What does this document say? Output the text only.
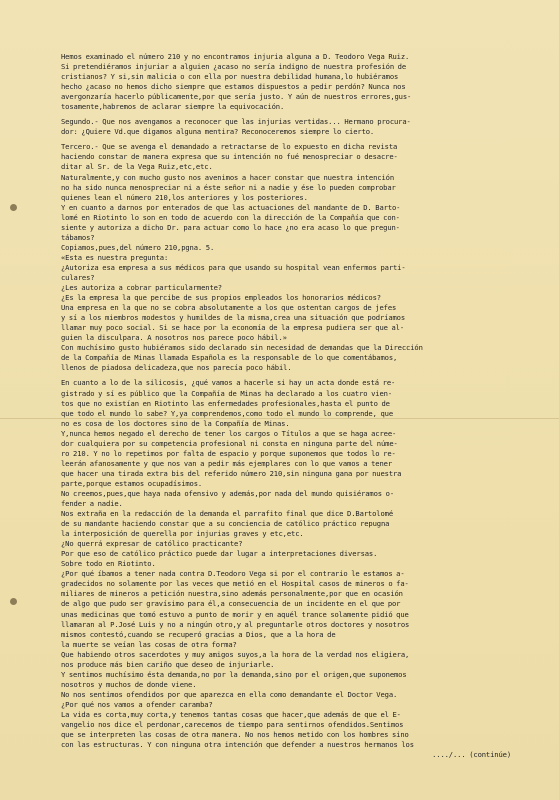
Hemos examinado el número 210 y no encontramos injuria alguna a D. Teodoro Vega Ruiz.
Si pretendiéramos injuriar a alguien ¿acaso no sería indigno de nuestra profesión de
cristianos? Y si,sin malicia o con ella por nuestra debilidad humana,lo hubiéramos
hecho ¿acaso no hemos dicho siempre que estamos dispuestos a pedir perdón? Nunca nos
avergonzaría hacerlo públicamente,por que sería justo. Y aún de nuestros errores,gus-
tosamente,habremos de aclarar siempre la equivocación.
Segundo.- Que nos avengamos a reconocer que las injurias vertidas... Hermano procura-
dor: ¿Quiere Vd.que digamos alguna mentira? Reconoceremos siempre lo cierto.
Tercero.- Que se avenga el demandado a retractarse de lo expuesto en dicha revista
haciendo constar de manera expresa que su intención no fué menospreciar o desacre-
ditar al Sr. de la Vega Ruiz,etc,etc.
Naturalmente,y con mucho gusto nos avenimos a hacer constar que nuestra intención
no ha sido nunca menospreciar ni a éste señor ni a nadie y ése lo pueden comprobar
quienes lean el número 210,los anteriores y los posteriores.
Y en cuanto a darnos por enterados de que las actuaciones del mandante de D. Barto-
lomé en Riotinto lo son en todo de acuerdo con la dirección de la Compañía que con-
siente y autoriza a dicho Dr. para actuar como lo hace ¿no era acaso lo que pregun-
tábamos?
Copiamos,pues,del número 210,pgna. 5.
«Esta es nuestra pregunta:
¿Autoriza esa empresa a sus médicos para que usando su hospital vean enfermos parti-
culares?
¿Les autoriza a cobrar particularmente?
¿Es la empresa la que percibe de sus propios empleados los honorarios médicos?
Una empresa en la que no se cobra absolutamente a los que ostentan cargos de jefes
y sí a los miembros modestos y humildes de la misma,crea una situación que podríamos
llamar muy poco social. Si se hace por la economía de la empresa pudiera ser que al-
guien la disculpara. A nosotros nos parece poco hábil.»
Con muchísimo gusto hubiéramos sido declarado sin necesidad de demandas que la Dirección
de la Compañía de Minas llamada Española es la responsable de lo que comentábamos,
llenos de piadosa delicadeza,que nos parecía poco hábil.
En cuanto a lo de la silicosis, ¿qué vamos a hacerle si hay un acta donde está re-
gistrado y sí es público que la Compañía de Minas ha declarado a los cuatro vien-
tos que no existían en Riotinto las enfermedades profesionales,hasta el punto de
que todo el mundo lo sabe? Y,ya comprendemos,como todo el mundo lo comprende, que
no es cosa de los doctores sino de la Compañía de Minas.
Y,nunca hemos negado el derecho de tener los cargos o Títulos a que se haga acree-
dor cualquiera por su competencia profesional ni consta en ninguna parte del núme-
ro 210. Y no lo repetimos por falta de espacio y porque suponemos que todos lo re-
leerán afanosamente y que nos van a pedir más ejemplares con lo que vamos a tener
que hacer una tirada extra bis del referido número 210,sin ninguna gana por nuestra
parte,porque estamos ocupadísimos.
No creemos,pues,que haya nada ofensivo y además,por nada del mundo quisiéramos o-
fender a nadie.
Nos extraña en la redacción de la demanda el parrafito final que dice D.Bartolomé
de su mandante haciendo constar que a su conciencia de católico práctico repugna
la interposición de querella por injurias graves y etc,etc.
¿No querrá expresar de católico practicante?
Por que eso de católico práctico puede dar lugar a interpretaciones diversas.
Sobre todo en Riotinto.
¿Por qué íbamos a tener nada contra D.Teodoro Vega si por el contrario le estamos a-
gradecidos no solamente por las veces que metió en el Hospital casos de mineros o fa-
miliares de mineros a petición nuestra,sino además personalmente,por que en ocasión
de algo que pudo ser gravísimo para él,a consecuencia de un incidente en el que por
unas medicinas que tomó estuvo a punto de morir y en aquél trance solamente pidió que
llamaran al P.José Luis y no a ningún otro,y al preguntarle otros doctores y nosotros
mismos contestó,cuando se recuperó gracias a Dios, que a la hora de
la muerte se veían las cosas de otra forma?
Que habiendo otros sacerdotes y muy amigos suyos,a la hora de la verdad nos eligiera,
nos produce más bien cariño que deseo de injuriarle.
Y sentimos muchísimo ésta demanda,no por la demanda,sino por el origen,que suponemos
nosotros y muchos de donde viene.
No nos sentimos ofendidos por que aparezca en ella como demandante el Doctor Vega.
¿Por qué nos vamos a ofender caramba?
La vida es corta,muy corta,y tenemos tantas cosas que hacer,que además de que el E-
vangelio nos dice el perdonar,carecemos de tiempo para sentirnos ofendidos.Sentimos
que se interpreten las cosas de otra manera. No nos hemos metido con los hombres sino
con las estructuras. Y con ninguna otra intención que defender a nuestros hermanos los
..../... (continúe)
